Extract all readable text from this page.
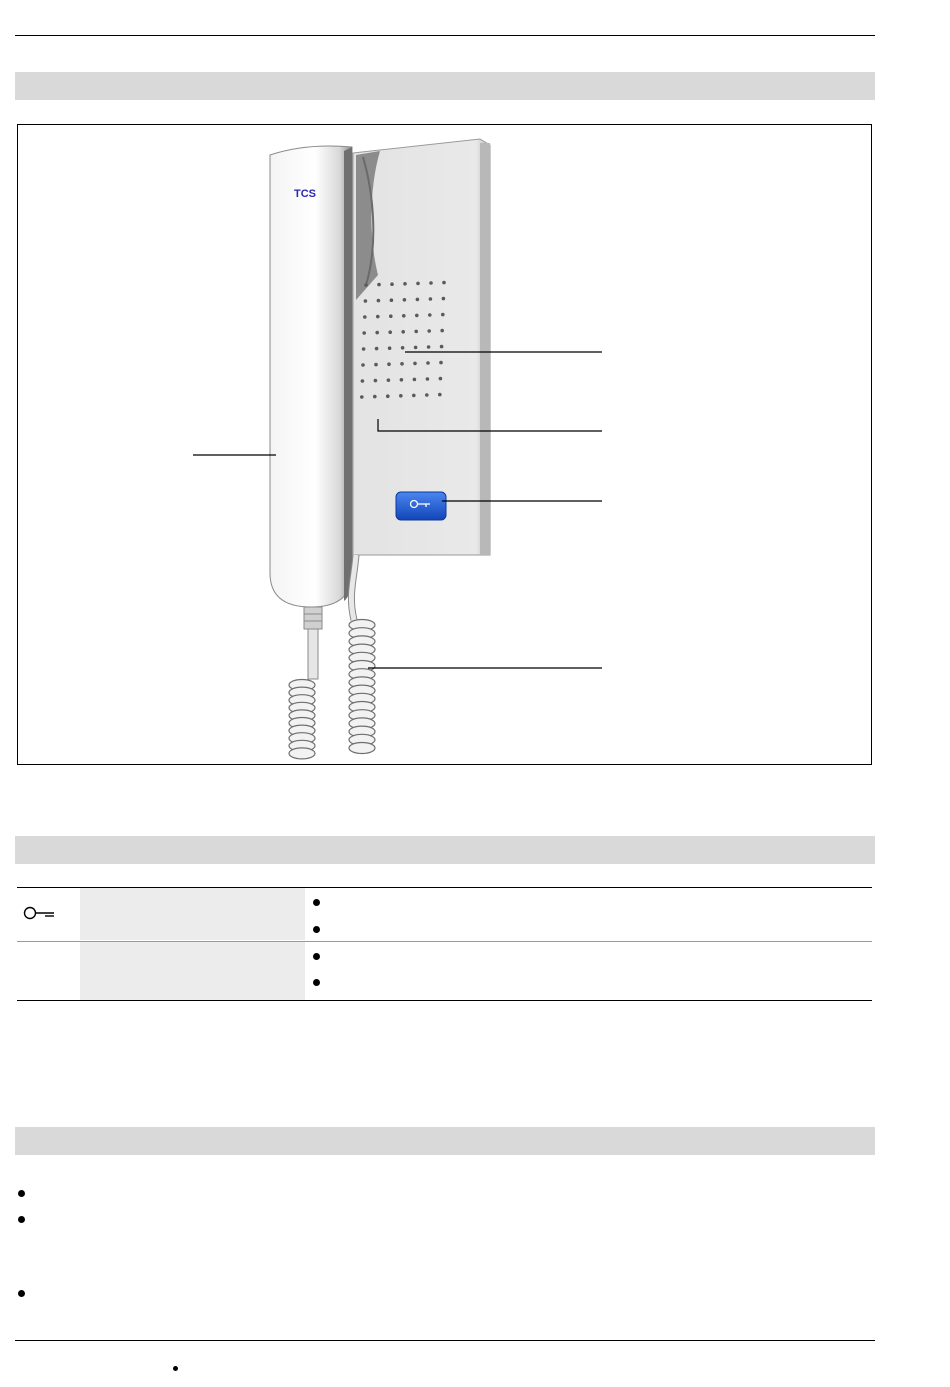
TCS
